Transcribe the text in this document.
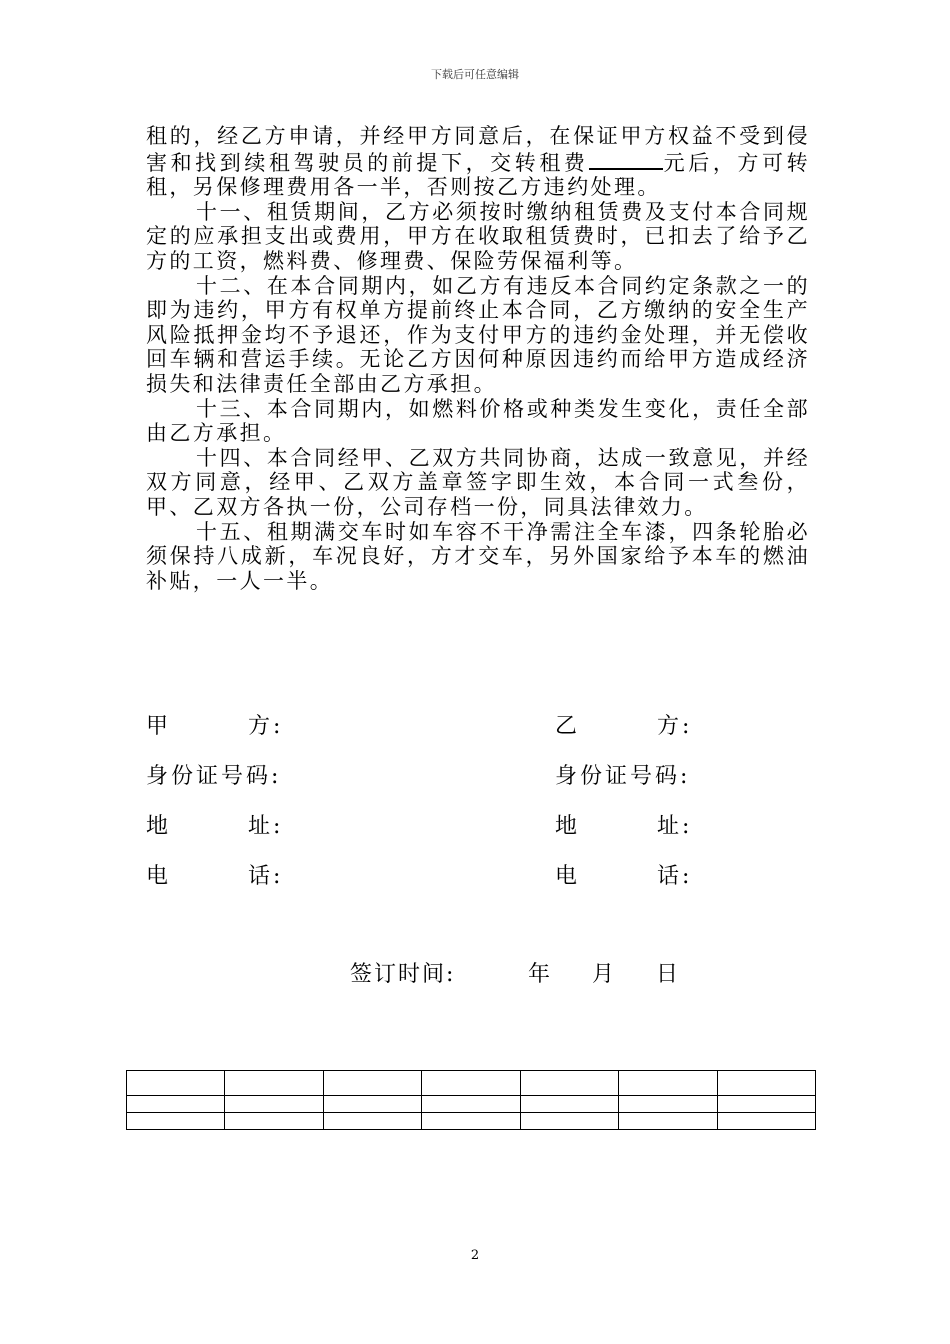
下载后可任意编辑

租的，经乙方申请，并经甲方同意后，在保证甲方权益不受到侵害和找到续租驾驶员的前提下，交转租费	元后，方可转租，另保修理费用各一半，否则按乙方违约处理。

十一、租赁期间，乙方必须按时缴纳租赁费及支付本合同规定的应承担支出或费用，甲方在收取租赁费时，已扣去了给予乙方的工资，燃料费、修理费、保险劳保福利等。

十二、在本合同期内，如乙方有违反本合同约定条款之一的即为违约，甲方有权单方提前终止本合同，乙方缴纳的安全生产风险抵押金均不予退还，作为支付甲方的违约金处理，并无偿收回车辆和营运手续。无论乙方因何种原因违约而给甲方造成经济损失和法律责任全部由乙方承担。

十三、本合同期内，如燃料价格或种类发生变化，责任全部由乙方承担。

十四、本合同经甲、乙双方共同协商，达成一致意见，并经双方同意，经甲、乙双方盖章签字即生效，本合同一式叁份，甲、乙双方各执一份，公司存档一份，同具法律效力。

十五、租期满交车时如车容不干净需注全车漆，四条轮胎必须保持八成新，车况良好，方才交车，另外国家给予本车的燃油补贴，一人一半。

甲	方:	乙	方:
身份证号码:	身份证号码:
地	址:	地	址:
电	话:	电	话:
签订时间:	年 月 日

2
